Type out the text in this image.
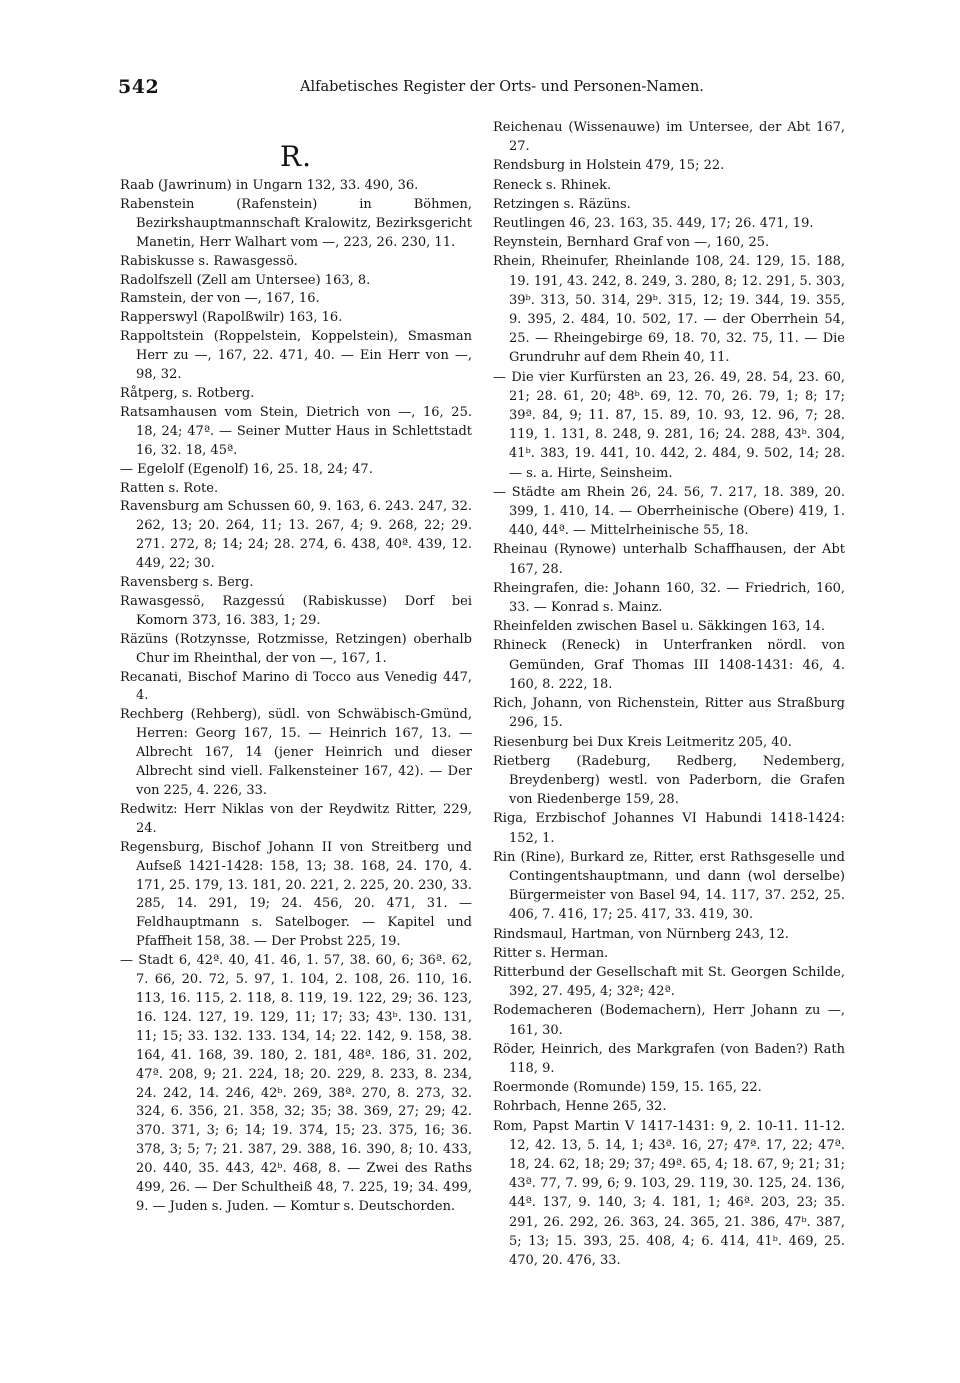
542	Alfabetisches Register der Orts- und Personen-Namen.
R.

Raab (Jawrinum) in Ungarn 132, 33. 490, 36.

Rabenstein (Rafenstein) in Böhmen, Bezirkshauptmannschaft Kralowitz, Bezirksgericht Manetin, Herr Walhart vom —, 223, 26. 230, 11.

Rabiskusse s. Rawasgessö.

Radolfszell (Zell am Untersee) 163, 8.

Ramstein, der von —, 167, 16.

Rapperswyl (Rapolßwilr) 163, 16.

Rappoltstein (Roppelstein, Koppelstein), Smasman Herr zu —, 167, 22. 471, 40. — Ein Herr von —, 98, 32.

Råtperg, s. Rotberg.

Ratsamhausen vom Stein, Dietrich von —, 16, 25. 18, 24; 47ª. — Seiner Mutter Haus in Schlettstadt 16, 32. 18, 45ª.

— Egelolf (Egenolf) 16, 25. 18, 24; 47.

Ratten s. Rote.

Ravensburg am Schussen 60, 9. 163, 6. 243. 247, 32. 262, 13; 20. 264, 11; 13. 267, 4; 9. 268, 22; 29. 271. 272, 8; 14; 24; 28. 274, 6. 438, 40ª. 439, 12. 449, 22; 30.

Ravensberg s. Berg.

Rawasgessö, Razgessú (Rabiskusse) Dorf bei Komorn 373, 16. 383, 1; 29.

Räzüns (Rotzynsse, Rotzmisse, Retzingen) oberhalb Chur im Rheinthal, der von —, 167, 1.

Recanati, Bischof Marino di Tocco aus Venedig 447, 4.

Rechberg (Rehberg), südl. von Schwäbisch-Gmünd, Herren: Georg 167, 15. — Heinrich 167, 13. — Albrecht 167, 14 (jener Heinrich und dieser Albrecht sind viell. Falkensteiner 167, 42). — Der von 225, 4. 226, 33.

Redwitz: Herr Niklas von der Reydwitz Ritter, 229, 24.

Regensburg, Bischof Johann II von Streitberg und Aufseß 1421-1428: 158, 13; 38. 168, 24. 170, 4. 171, 25. 179, 13. 181, 20. 221, 2. 225, 20. 230, 33. 285, 14. 291, 19; 24. 456, 20. 471, 31. — Feldhauptmann s. Satelboger. — Kapitel und Pfaffheit 158, 38. — Der Probst 225, 19.

— Stadt 6, 42ª. 40, 41. 46, 1. 57, 38. 60, 6; 36ª. 62, 7. 66, 20. 72, 5. 97, 1. 104, 2. 108, 26. 110, 16. 113, 16. 115, 2. 118, 8. 119, 19. 122, 29; 36. 123, 16. 124. 127, 19. 129, 11; 17; 33; 43ᵇ. 130. 131, 11; 15; 33. 132. 133. 134, 14; 22. 142, 9. 158, 38. 164, 41. 168, 39. 180, 2. 181, 48ª. 186, 31. 202, 47ª. 208, 9; 21. 224, 18; 20. 229, 8. 233, 8. 234, 24. 242, 14. 246, 42ᵇ. 269, 38ª. 270, 8. 273, 32. 324, 6. 356, 21. 358, 32; 35; 38. 369, 27; 29; 42. 370. 371, 3; 6; 14; 19. 374, 15; 23. 375, 16; 36. 378, 3; 5; 7; 21. 387, 29. 388, 16. 390, 8; 10. 433, 20. 440, 35. 443, 42ᵇ. 468, 8. — Zwei des Raths 499, 26. — Der Schultheiß 48, 7. 225, 19; 34. 499, 9. — Juden s. Juden. — Komtur s. Deutschorden.

Reichenau (Wissenauwe) im Untersee, der Abt 167, 27.

Rendsburg in Holstein 479, 15; 22.

Reneck s. Rhinek.

Retzingen s. Räzüns.

Reutlingen 46, 23. 163, 35. 449, 17; 26. 471, 19.

Reynstein, Bernhard Graf von —, 160, 25.

Rhein, Rheinufer, Rheinlande 108, 24. 129, 15. 188, 19. 191, 43. 242, 8. 249, 3. 280, 8; 12. 291, 5. 303, 39ᵇ. 313, 50. 314, 29ᵇ. 315, 12; 19. 344, 19. 355, 9. 395, 2. 484, 10. 502, 17. — der Oberrhein 54, 25. — Rheingebirge 69, 18. 70, 32. 75, 11. — Die Grundruhr auf dem Rhein 40, 11.

— Die vier Kurfürsten an 23, 26. 49, 28. 54, 23. 60, 21; 28. 61, 20; 48ᵇ. 69, 12. 70, 26. 79, 1; 8; 17; 39ª. 84, 9; 11. 87, 15. 89, 10. 93, 12. 96, 7; 28. 119, 1. 131, 8. 248, 9. 281, 16; 24. 288, 43ᵇ. 304, 41ᵇ. 383, 19. 441, 10. 442, 2. 484, 9. 502, 14; 28. — s. a. Hirte, Seinsheim.

— Städte am Rhein 26, 24. 56, 7. 217, 18. 389, 20. 399, 1. 410, 14. — Oberrheinische (Obere) 419, 1. 440, 44ª. — Mittelrheinische 55, 18.

Rheinau (Rynowe) unterhalb Schaffhausen, der Abt 167, 28.

Rheingrafen, die: Johann 160, 32. — Friedrich, 160, 33. — Konrad s. Mainz.

Rheinfelden zwischen Basel u. Säkkingen 163, 14.

Rhineck (Reneck) in Unterfranken nördl. von Gemünden, Graf Thomas III 1408-1431: 46, 4. 160, 8. 222, 18.

Rich, Johann, von Richenstein, Ritter aus Straßburg 296, 15.

Riesenburg bei Dux Kreis Leitmeritz 205, 40.

Rietberg (Radeburg, Redberg, Nedemberg, Breydenberg) westl. von Paderborn, die Grafen von Riedenberge 159, 28.

Riga, Erzbischof Johannes VI Habundi 1418-1424: 152, 1.

Rin (Rine), Burkard ze, Ritter, erst Rathsgeselle und Contingentshauptmann, und dann (wol derselbe) Bürgermeister von Basel 94, 14. 117, 37. 252, 25. 406, 7. 416, 17; 25. 417, 33. 419, 30.

Rindsmaul, Hartman, von Nürnberg 243, 12.

Ritter s. Herman.

Ritterbund der Gesellschaft mit St. Georgen Schilde, 392, 27. 495, 4; 32ª; 42ª.

Rodemacheren (Bodemachern), Herr Johann zu —, 161, 30.

Röder, Heinrich, des Markgrafen (von Baden?) Rath 118, 9.

Roermonde (Romunde) 159, 15. 165, 22.

Rohrbach, Henne 265, 32.

Rom, Papst Martin V 1417-1431: 9, 2. 10-11. 11-12. 12, 42. 13, 5. 14, 1; 43ª. 16, 27; 47ª. 17, 22; 47ª. 18, 24. 62, 18; 29; 37; 49ª. 65, 4; 18. 67, 9; 21; 31; 43ª. 77, 7. 99, 6; 9. 103, 29. 119, 30. 125, 24. 136, 44ª. 137, 9. 140, 3; 4. 181, 1; 46ª. 203, 23; 35. 291, 26. 292, 26. 363, 24. 365, 21. 386, 47ᵇ. 387, 5; 13; 15. 393, 25. 408, 4; 6. 414, 41ᵇ. 469, 25. 470, 20. 476, 33.
